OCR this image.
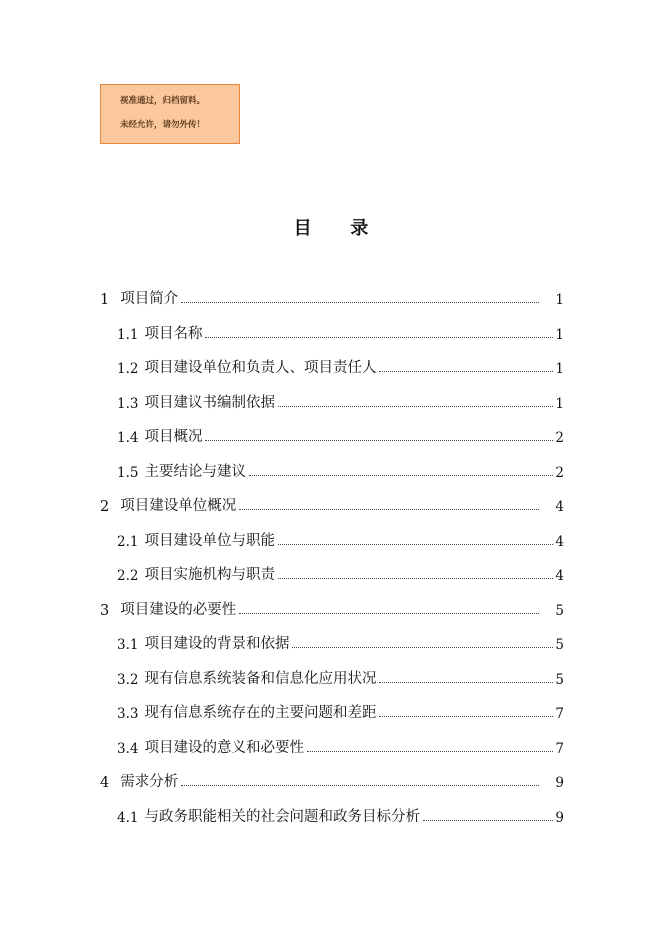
视准通过，归档留料。
未经允许，请勿外传！
目 录
1 项目简介	1
1.1 项目名称	1
1.2 项目建设单位和负责人、项目责任人	1
1.3 项目建议书编制依据	1
1.4 项目概况	2
1.5 主要结论与建议	2
2 项目建设单位概况	4
2.1 项目建设单位与职能	4
2.2 项目实施机构与职责	4
3 项目建设的必要性	5
3.1 项目建设的背景和依据	5
3.2 现有信息系统装备和信息化应用状况	5
3.3 现有信息系统存在的主要问题和差距	7
3.4 项目建设的意义和必要性	7
4 需求分析	9
4.1 与政务职能相关的社会问题和政务目标分析	9
